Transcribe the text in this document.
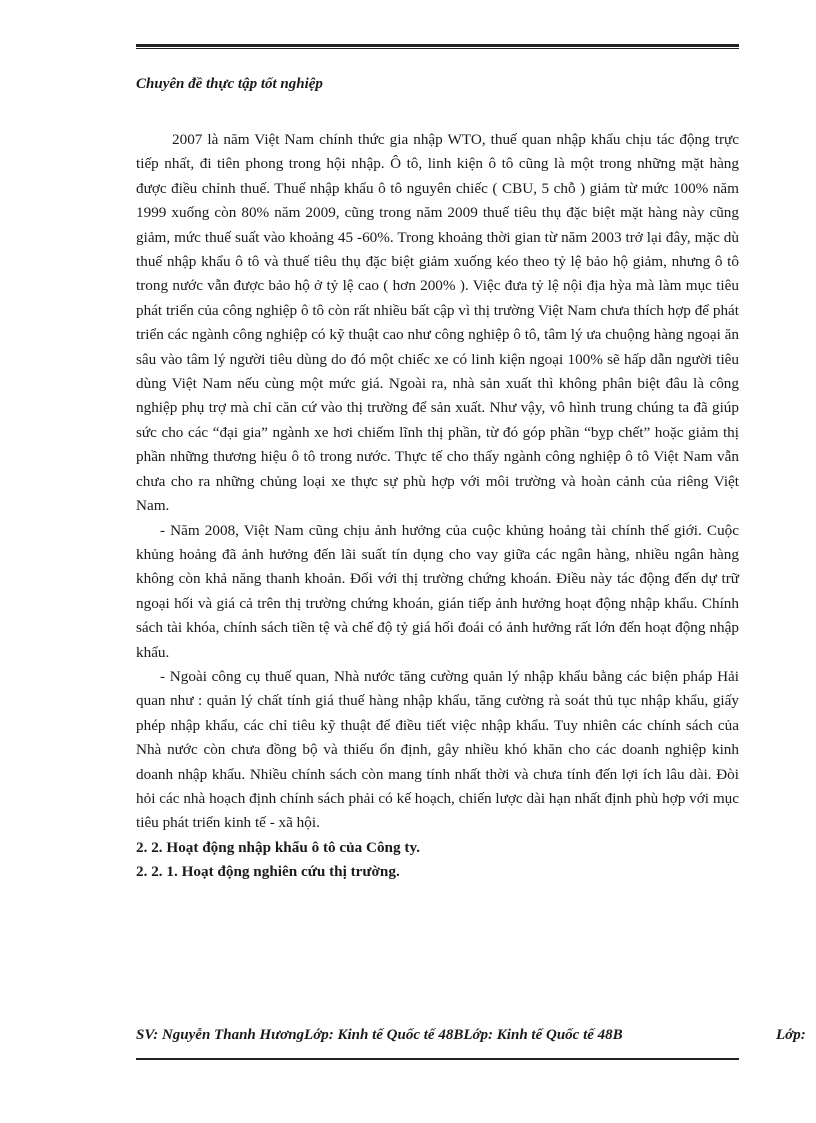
Chuyên đề thực tập tốt nghiệp

2007 là năm Việt Nam chính thức gia nhập WTO, thuế quan nhập khẩu chịu tác động trực tiếp nhất, đi tiên phong trong hội nhập. Ô tô, linh kiện ô tô cũng là một trong những mặt hàng được điều chỉnh thuế. Thuế nhập khẩu ô tô nguyên chiếc ( CBU, 5 chỗ ) giảm từ mức 100% năm 1999 xuống còn 80% năm 2009, cũng trong năm 2009 thuế tiêu thụ đặc biệt mặt hàng này cũng giảm, mức thuế suất vào khoảng 45 -60%. Trong khoảng thời gian từ năm 2003 trở lại đây, mặc dù thuế nhập khẩu ô tô và thuế tiêu thụ đặc biệt giảm xuống kéo theo tỷ lệ bảo hộ giảm, nhưng ô tô trong nước vẫn được bảo hộ ở tỷ lệ cao ( hơn 200% ). Việc đưa tỷ lệ nội địa hỳa mà làm mục tiêu phát triển của công nghiệp ô tô còn rất nhiều bất cập vì thị trường Việt Nam chưa thích hợp để phát triển các ngành công nghiệp có kỹ thuật cao như công nghiệp ô tô, tâm lý ưa chuộng hàng ngoại ăn sâu vào tâm lý người tiêu dùng do đó một chiếc xe có linh kiện ngoại 100% sẽ hấp dẫn người tiêu dùng Việt Nam nếu cùng một mức giá. Ngoài ra, nhà sản xuất thì không phân biệt đâu là công nghiệp phụ trợ mà chỉ căn cứ vào thị trường để sản xuất. Như vậy, vô hình trung chúng ta đã giúp sức cho các “đại gia” ngành xe hơi chiếm lĩnh thị phần, từ đó góp phần “bỵp chết” hoặc giảm thị phần những thương hiệu ô tô trong nước. Thực tế cho thấy ngành công nghiệp ô tô Việt Nam vẫn chưa cho ra những chủng loại xe thực sự phù hợp với môi trường và hoàn cảnh của riêng Việt Nam.

- Năm 2008, Việt Nam cũng chịu ảnh hưởng của cuộc khủng hoảng tài chính thế giới. Cuộc khủng hoảng đã ảnh hưởng đến lãi suất tín dụng cho vay giữa các ngân hàng, nhiều ngân hàng không còn khả năng thanh khoản. Đối với thị trường chứng khoán. Điều này tác động đến dự trữ ngoại hối và giá cả trên thị trường chứng khoán, gián tiếp ảnh hưởng hoạt động nhập khẩu. Chính sách tài khóa, chính sách tiền tệ và chế độ tỷ giá hối đoái có ảnh hưởng rất lớn đến hoạt động nhập khẩu.

- Ngoài công cụ thuế quan, Nhà nước tăng cường quản lý nhập khẩu bằng các biện pháp Hải quan như : quản lý chất tính giá thuế hàng nhập khẩu, tăng cường rà soát thủ tục nhập khẩu, giấy phép nhập khẩu, các chỉ tiêu kỹ thuật để điều tiết việc nhập khẩu. Tuy nhiên các chính sách của Nhà nước còn chưa đồng bộ và thiếu ổn định, gây nhiều khó khăn cho các doanh nghiệp kinh doanh nhập khẩu. Nhiều chính sách còn mang tính nhất thời và chưa tính đến lợi ích lâu dài. Đòi hỏi các nhà hoạch định chính sách phải có kế hoạch, chiến lược dài hạn nhất định phù hợp với mục tiêu phát triển kinh tế - xã hội.

2. 2. Hoạt động nhập khẩu ô tô của Công ty.
2. 2. 1. Hoạt động nghiên cứu thị trường.
SV: Nguyễn Thanh HươngLớp: Kinh tế Quốc tế 48BLớp: Kinh tế Quốc tế 48B	Lớp:
